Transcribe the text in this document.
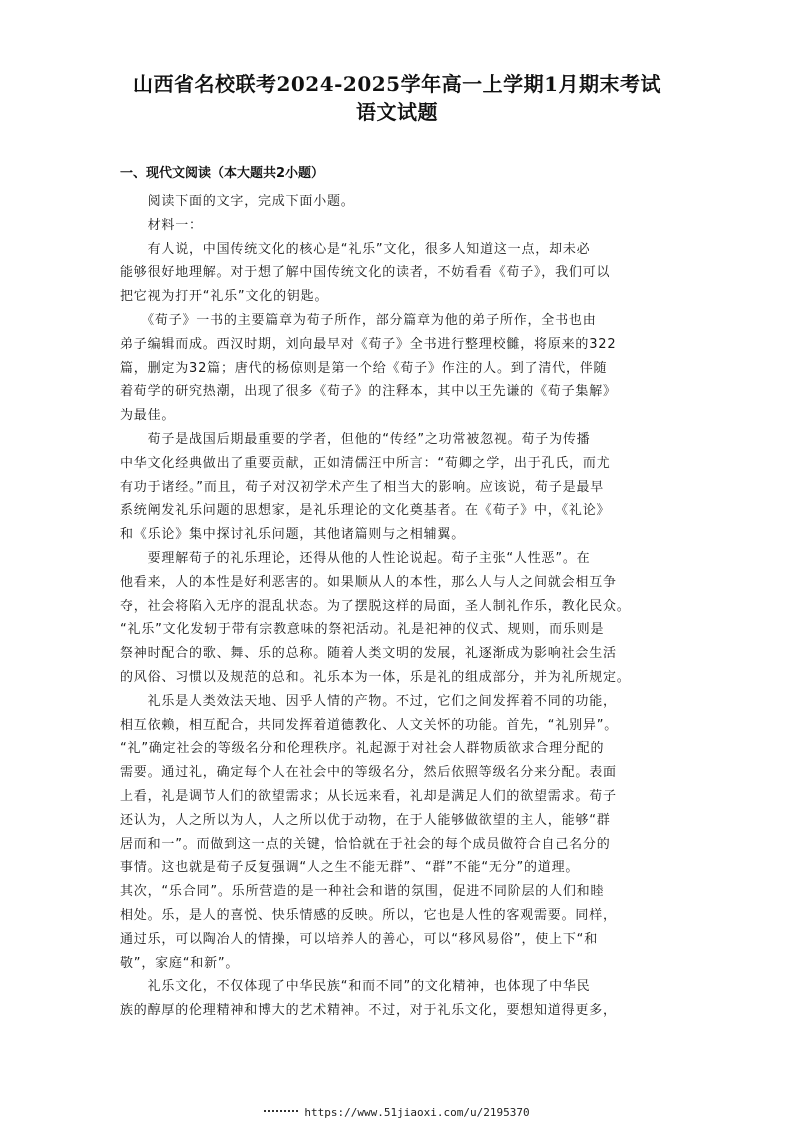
山西省名校联考2024-2025学年高一上学期1月期末考试
语文试题
一、现代文阅读（本大题共2小题）
　　阅读下面的文字，完成下面小题。
　　材料一：
　　有人说，中国传统文化的核心是“礼乐”文化，很多人知道这一点，却未必
能够很好地理解。对于想了解中国传统文化的读者，不妨看看《荀子》，我们可以
把它视为打开“礼乐”文化的钥匙。
　　《荀子》一书的主要篇章为荀子所作，部分篇章为他的弟子所作，全书也由
弟子编辑而成。西汉时期，刘向最早对《荀子》全书进行整理校雠，将原来的322
篇，删定为32篇；唐代的杨倞则是第一个给《荀子》作注的人。到了清代，伴随
着荀学的研究热潮，出现了很多《荀子》的注释本，其中以王先谦的《荀子集解》
为最佳。
　　荀子是战国后期最重要的学者，但他的“传经”之功常被忽视。荀子为传播
中华文化经典做出了重要贡献，正如清儒汪中所言：“荀卿之学，出于孔氏，而尤
有功于诸经。”而且，荀子对汉初学术产生了相当大的影响。应该说，荀子是最早
系统阐发礼乐问题的思想家，是礼乐理论的文化奠基者。在《荀子》中，《礼论》
和《乐论》集中探讨礼乐问题，其他诸篇则与之相辅翼。
　　要理解荀子的礼乐理论，还得从他的人性论说起。荀子主张“人性恶”。在
他看来，人的本性是好利恶害的。如果顺从人的本性，那么人与人之间就会相互争
夺，社会将陷入无序的混乱状态。为了摆脱这样的局面，圣人制礼作乐，教化民众。
“礼乐”文化发轫于带有宗教意味的祭祀活动。礼是祀神的仪式、规则，而乐则是
祭神时配合的歌、舞、乐的总称。随着人类文明的发展，礼逐渐成为影响社会生活
的风俗、习惯以及规范的总和。礼乐本为一体，乐是礼的组成部分，并为礼所规定。
　　礼乐是人类效法天地、因乎人情的产物。不过，它们之间发挥着不同的功能，
相互依赖，相互配合，共同发挥着道德教化、人文关怀的功能。首先，“礼别异”。
“礼”确定社会的等级名分和伦理秩序。礼起源于对社会人群物质欲求合理分配的
需要。通过礼，确定每个人在社会中的等级名分，然后依照等级名分来分配。表面
上看，礼是调节人们的欲望需求；从长远来看，礼却是满足人们的欲望需求。荀子
还认为，人之所以为人，人之所以优于动物，在于人能够做欲望的主人，能够“群
居而和一”。而做到这一点的关键，恰恰就在于社会的每个成员做符合自己名分的
事情。这也就是荀子反复强调“人之生不能无群”、“群”不能“无分”的道理。
其次，“乐合同”。乐所营造的是一种社会和谐的氛围，促进不同阶层的人们和睦
相处。乐，是人的喜悦、快乐情感的反映。所以，它也是人性的客观需要。同样，
通过乐，可以陶冶人的情操，可以培养人的善心，可以“移风易俗”，使上下“和
敬”，家庭“和新”。
　　礼乐文化，不仅体现了中华民族“和而不同”的文化精神，也体现了中华民
族的醇厚的伦理精神和博大的艺术精神。不过，对于礼乐文化，要想知道得更多，
https://www.51jiaoxi.com/u/2195370
